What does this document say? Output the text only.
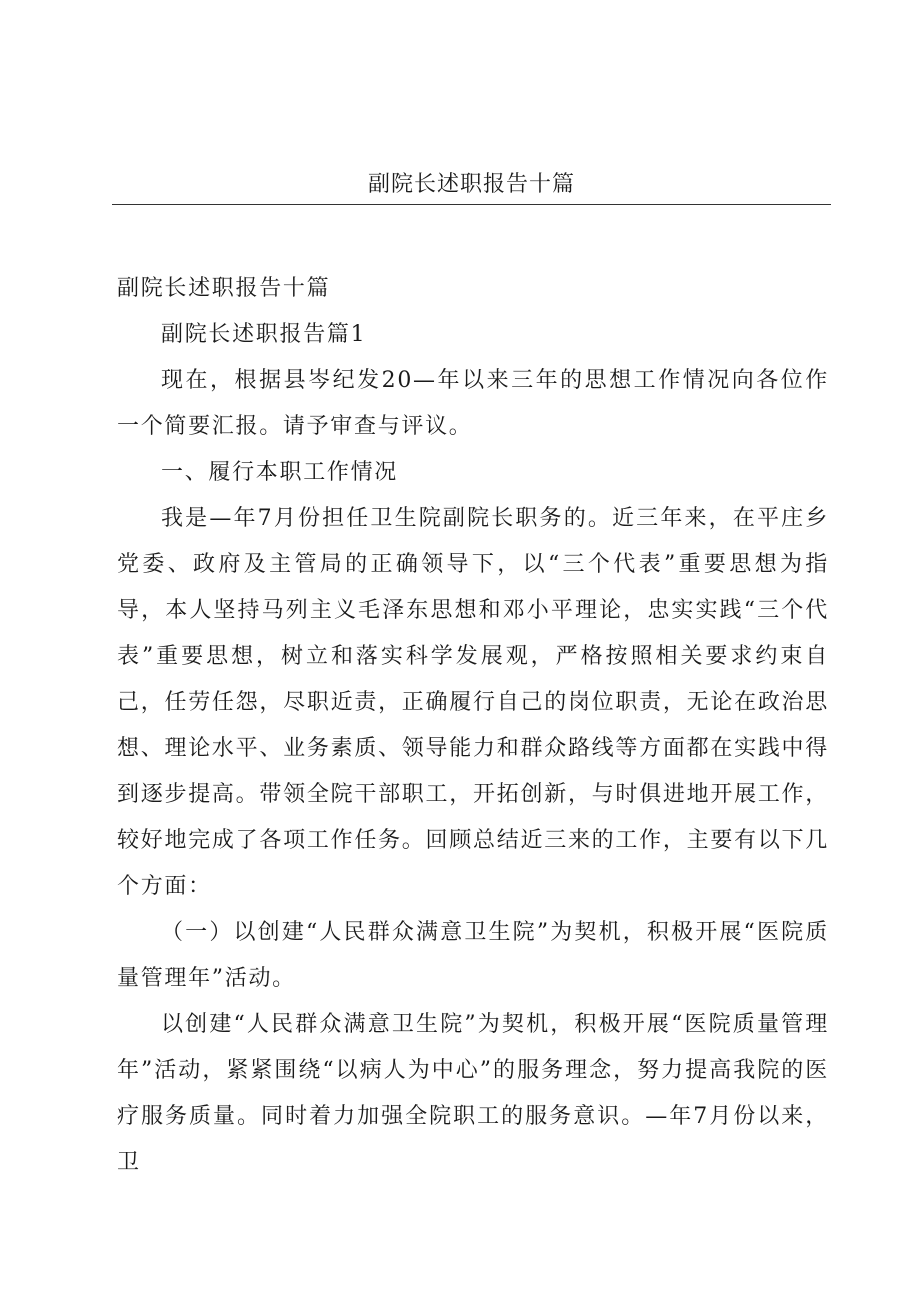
副院长述职报告十篇

副院长述职报告十篇

副院长述职报告篇1

现在，根据县岑纪发20—年以来三年的思想工作情况向各位作一个简要汇报。请予审查与评议。

一、履行本职工作情况

我是—年7月份担任卫生院副院长职务的。近三年来，在平庄乡党委、政府及主管局的正确领导下，以“三个代表”重要思想为指导，本人坚持马列主义毛泽东思想和邓小平理论，忠实实践“三个代表”重要思想，树立和落实科学发展观，严格按照相关要求约束自己，任劳任怨，尽职近责，正确履行自己的岗位职责，无论在政治思想、理论水平、业务素质、领导能力和群众路线等方面都在实践中得到逐步提高。带领全院干部职工，开拓创新，与时俱进地开展工作，较好地完成了各项工作任务。回顾总结近三来的工作，主要有以下几个方面：

（一）以创建“人民群众满意卫生院”为契机，积极开展“医院质量管理年”活动。

以创建“人民群众满意卫生院”为契机，积极开展“医院质量管理年”活动，紧紧围绕“以病人为中心”的服务理念，努力提高我院的医疗服务质量。同时着力加强全院职工的服务意识。—年7月份以来，卫
